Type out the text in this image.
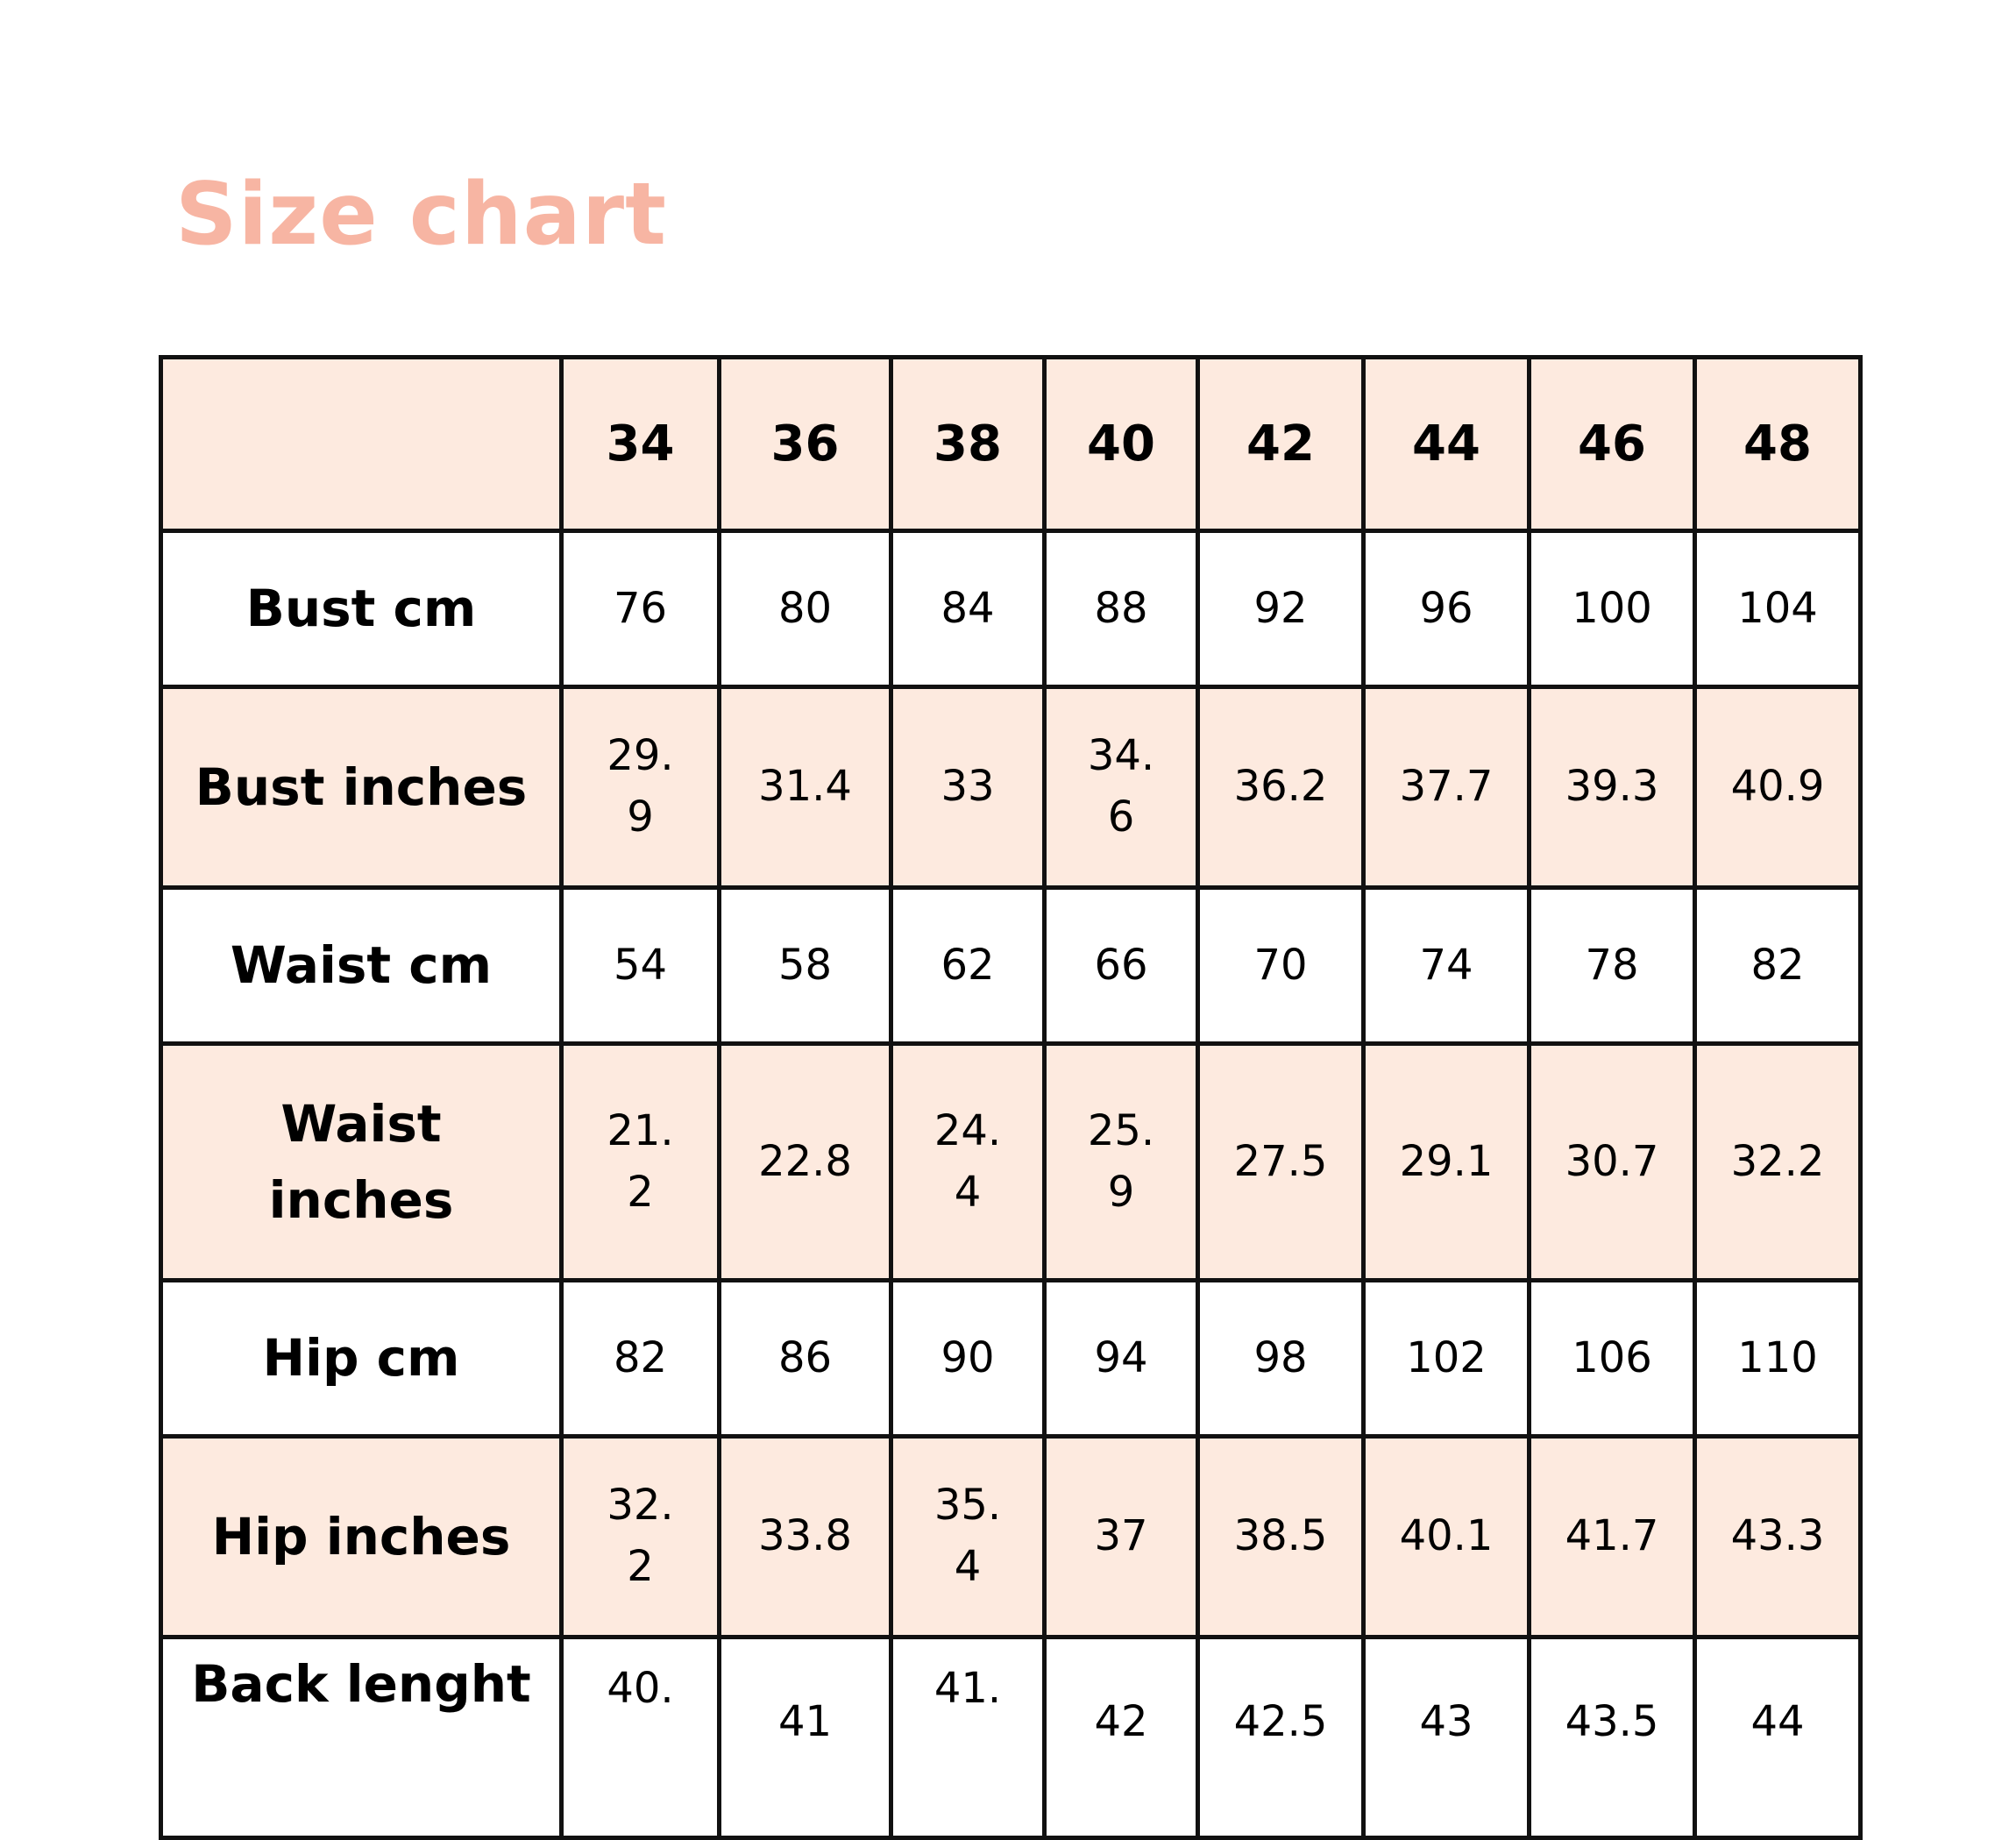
Size chart
	34	36	38	40	42	44	46	48
Bust cm	76	80	84	88	92	96	100	104
Bust inches	29.9	31.4	33	34.6	36.2	37.7	39.3	40.9
Waist cm	54	58	62	66	70	74	78	82
Waist inches	21.2	22.8	24.4	25.9	27.5	29.1	30.7	32.2
Hip cm	82	86	90	94	98	102	106	110
Hip inches	32.2	33.8	35.4	37	38.5	40.1	41.7	43.3
Back lenght	40.	41	41.	42	42.5	43	43.5	44
